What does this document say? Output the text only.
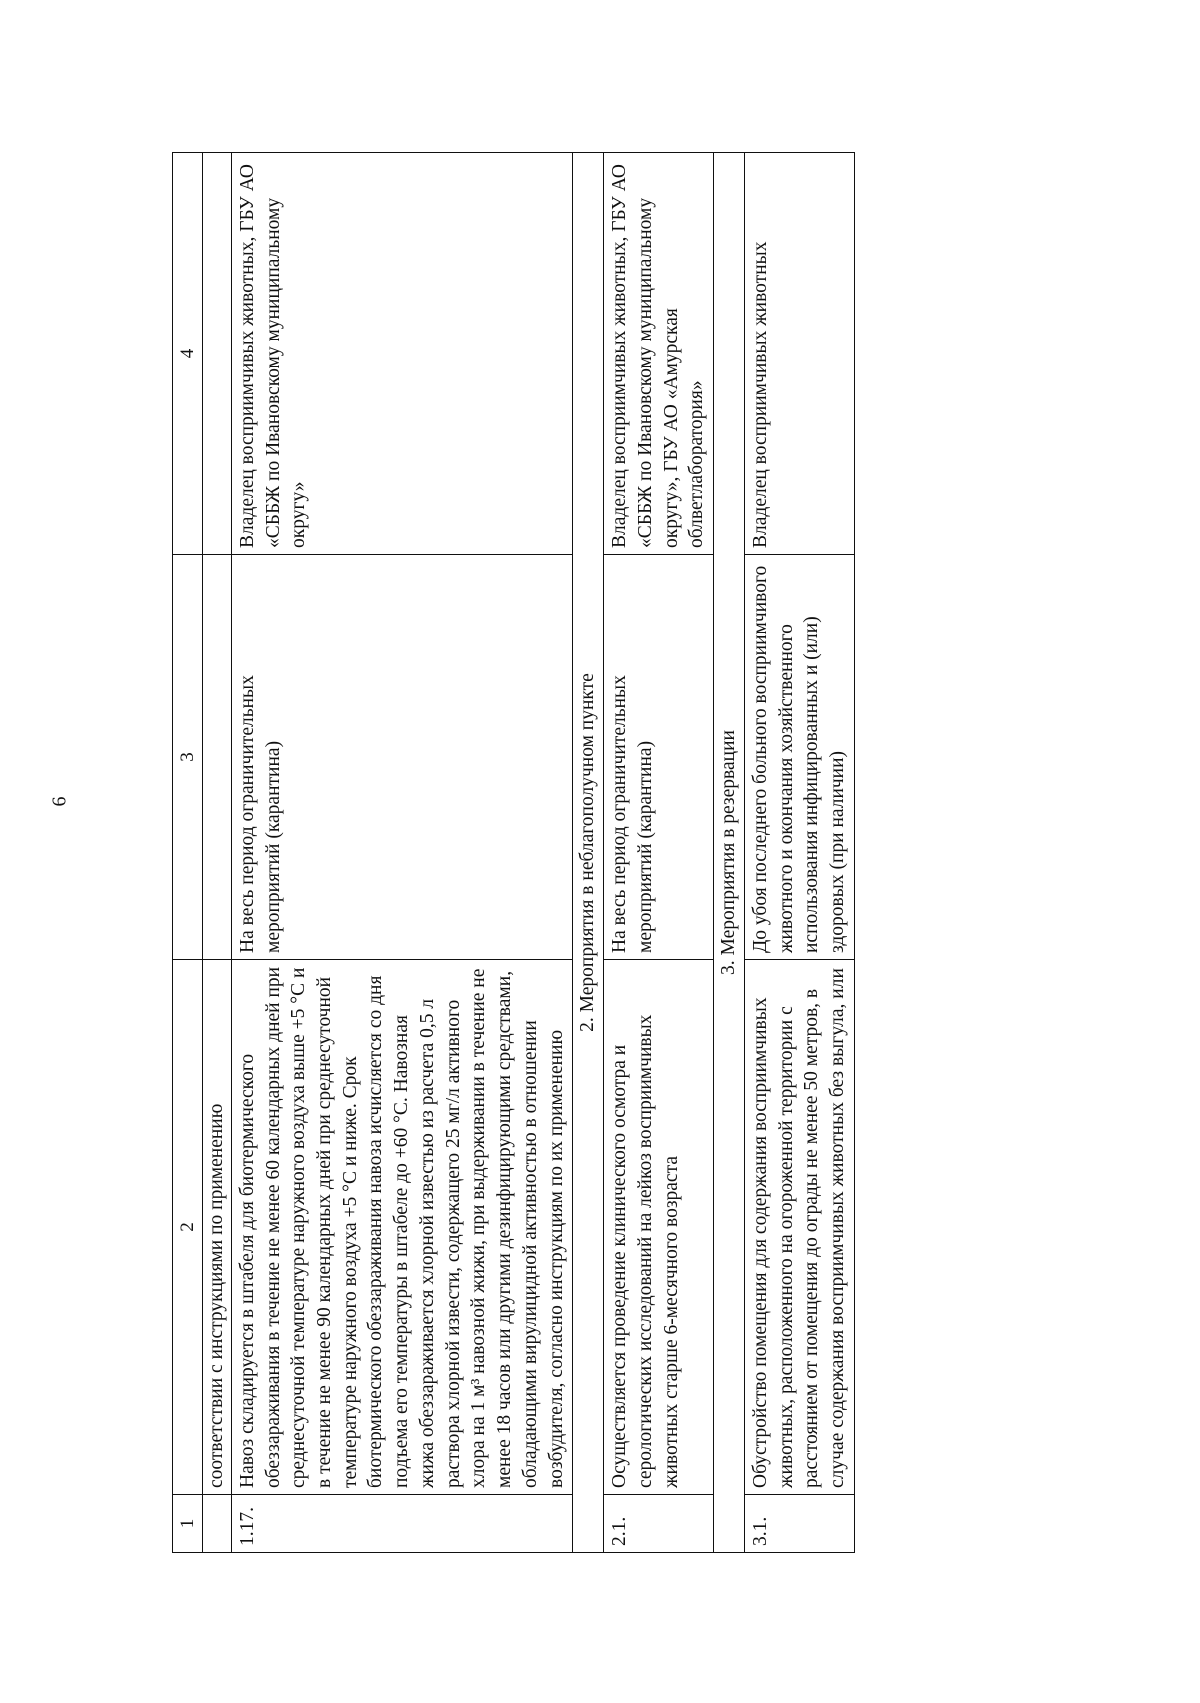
6
1	2	3	4
	соответствии с инструкциями по применению		
1.17.	Навоз складируется в штабеля для биотермического обеззараживания в течение не менее 60 календарных дней при среднесуточной температуре наружного воздуха выше +5 °С и в течение не менее 90 календарных дней при среднесуточной температуре наружного воздуха +5 °С и ниже. Срок биотермического обеззараживания навоза исчисляется со дня подъема его температуры в штабеле до +60 °С. Навозная жижа обеззараживается хлорной известью из расчета 0,5 л раствора хлорной извести, содержащего 25 мг/л активного хлора на 1 м³ навозной жижи, при выдерживании в течение не менее 18 часов или другими дезинфицирующими средствами, обладающими вирулицидной активностью в отношении возбудителя, согласно инструкциям по их применению	На весь период ограничительных мероприятий (карантина)	Владелец восприимчивых животных, ГБУ АО «СББЖ по Ивановскому муниципальному округу»
2. Мероприятия в неблагополучном пункте			
2.1.	Осуществляется проведение клинического осмотра и серологических исследований на лейкоз восприимчивых животных старше 6-месячного возраста	На весь период ограничительных мероприятий (карантина)	Владелец восприимчивых животных, ГБУ АО «СББЖ по Ивановскому муниципальному округу», ГБУ АО «Амурская облветлаборатория»
3. Мероприятия в резервации			
3.1.	Обустройство помещения для содержания восприимчивых животных, расположенного на огороженной территории с расстоянием от помещения до ограды не менее 50 метров, в случае содержания восприимчивых животных без выгула, или	До убоя последнего больного восприимчивого животного и окончания хозяйственного использования инфицированных и (или) здоровых (при наличии)	Владелец восприимчивых животных
